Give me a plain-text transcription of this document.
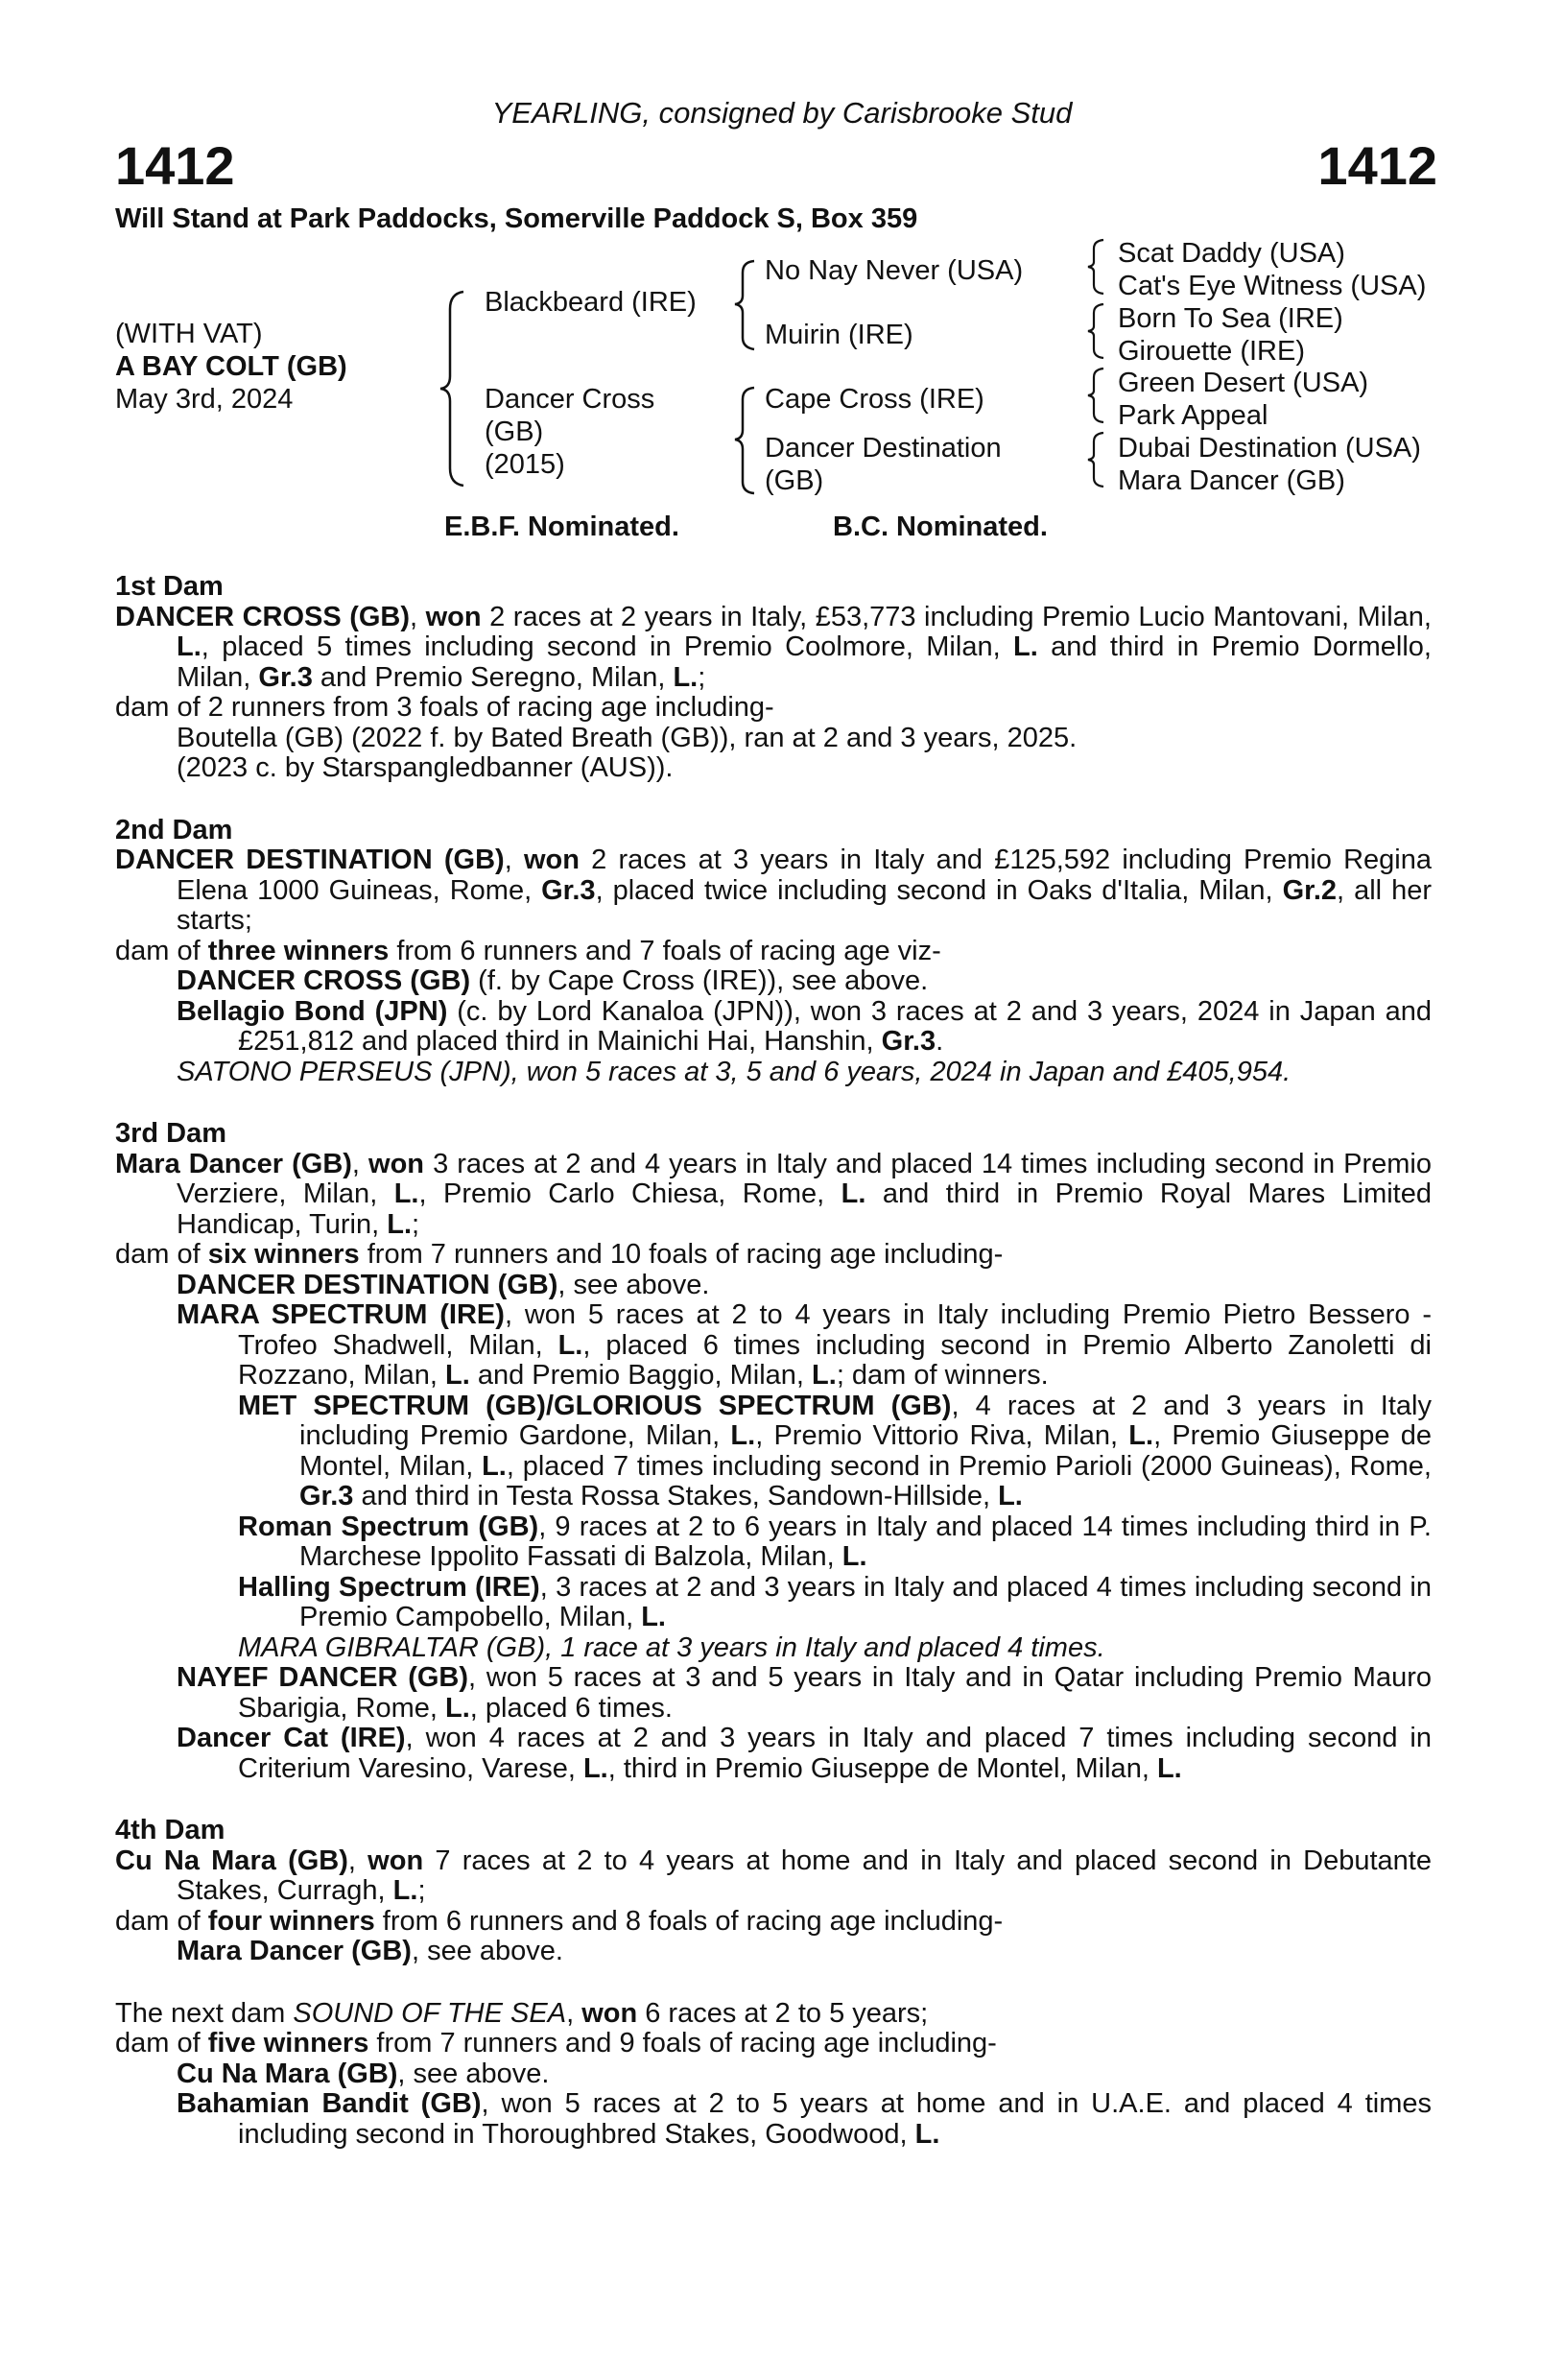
YEARLING, consigned by Carisbrooke Stud
1412	1412
Will Stand at Park Paddocks, Somerville Paddock S, Box 359
(WITH VAT)
A BAY COLT (GB)
May 3rd, 2024
Blackbeard (IRE)
Dancer Cross
(GB)
(2015)
No Nay Never (USA)
Muirin (IRE)
Cape Cross (IRE)
Dancer Destination
(GB)
Scat Daddy (USA)
Cat's Eye Witness (USA)
Born To Sea (IRE)
Girouette (IRE)
Green Desert (USA)
Park Appeal
Dubai Destination (USA)
Mara Dancer (GB)
E.B.F. Nominated.	B.C. Nominated.
1st Dam
DANCER CROSS (GB), won 2 races at 2 years in Italy, £53,773 including Premio Lucio Mantovani, Milan, L., placed 5 times including second in Premio Coolmore, Milan, L. and third in Premio Dormello, Milan, Gr.3 and Premio Seregno, Milan, L.;
dam of 2 runners from 3 foals of racing age including-
Boutella (GB) (2022 f. by Bated Breath (GB)), ran at 2 and 3 years, 2025.
(2023 c. by Starspangledbanner (AUS)).
2nd Dam
DANCER DESTINATION (GB), won 2 races at 3 years in Italy and £125,592 including Premio Regina Elena 1000 Guineas, Rome, Gr.3, placed twice including second in Oaks d'Italia, Milan, Gr.2, all her starts;
dam of three winners from 6 runners and 7 foals of racing age viz-
DANCER CROSS (GB) (f. by Cape Cross (IRE)), see above.
Bellagio Bond (JPN) (c. by Lord Kanaloa (JPN)), won 3 races at 2 and 3 years, 2024 in Japan and £251,812 and placed third in Mainichi Hai, Hanshin, Gr.3.
SATONO PERSEUS (JPN), won 5 races at 3, 5 and 6 years, 2024 in Japan and £405,954.
3rd Dam
Mara Dancer (GB), won 3 races at 2 and 4 years in Italy and placed 14 times including second in Premio Verziere, Milan, L., Premio Carlo Chiesa, Rome, L. and third in Premio Royal Mares Limited Handicap, Turin, L.;
dam of six winners from 7 runners and 10 foals of racing age including-
DANCER DESTINATION (GB), see above.
MARA SPECTRUM (IRE), won 5 races at 2 to 4 years in Italy including Premio Pietro Bessero - Trofeo Shadwell, Milan, L., placed 6 times including second in Premio Alberto Zanoletti di Rozzano, Milan, L. and Premio Baggio, Milan, L.; dam of winners.
MET SPECTRUM (GB)/GLORIOUS SPECTRUM (GB), 4 races at 2 and 3 years in Italy including Premio Gardone, Milan, L., Premio Vittorio Riva, Milan, L., Premio Giuseppe de Montel, Milan, L., placed 7 times including second in Premio Parioli (2000 Guineas), Rome, Gr.3 and third in Testa Rossa Stakes, Sandown-Hillside, L.
Roman Spectrum (GB), 9 races at 2 to 6 years in Italy and placed 14 times including third in P. Marchese Ippolito Fassati di Balzola, Milan, L.
Halling Spectrum (IRE), 3 races at 2 and 3 years in Italy and placed 4 times including second in Premio Campobello, Milan, L.
MARA GIBRALTAR (GB), 1 race at 3 years in Italy and placed 4 times.
NAYEF DANCER (GB), won 5 races at 3 and 5 years in Italy and in Qatar including Premio Mauro Sbarigia, Rome, L., placed 6 times.
Dancer Cat (IRE), won 4 races at 2 and 3 years in Italy and placed 7 times including second in Criterium Varesino, Varese, L., third in Premio Giuseppe de Montel, Milan, L.
4th Dam
Cu Na Mara (GB), won 7 races at 2 to 4 years at home and in Italy and placed second in Debutante Stakes, Curragh, L.;
dam of four winners from 6 runners and 8 foals of racing age including-
Mara Dancer (GB), see above.
The next dam SOUND OF THE SEA, won 6 races at 2 to 5 years;
dam of five winners from 7 runners and 9 foals of racing age including-
Cu Na Mara (GB), see above.
Bahamian Bandit (GB), won 5 races at 2 to 5 years at home and in U.A.E. and placed 4 times including second in Thoroughbred Stakes, Goodwood, L.
